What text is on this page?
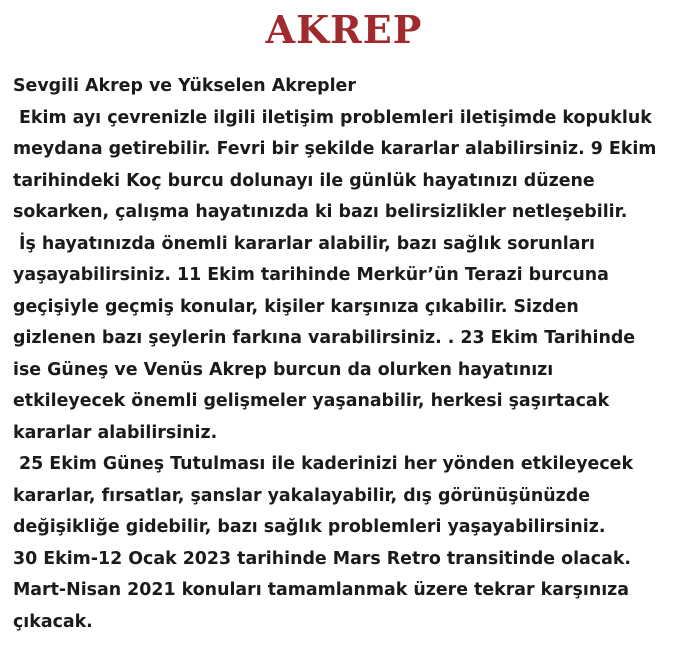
AKREP
Sevgili Akrep ve Yükselen Akrepler
Ekim ayı çevrenizle ilgili iletişim problemleri iletişimde kopukluk
meydana getirebilir. Fevri bir şekilde kararlar alabilirsiniz. 9 Ekim
tarihindeki Koç burcu dolunayı ile günlük hayatınızı düzene
sokarken, çalışma hayatınızda ki bazı belirsizlikler netleşebilir.
İş hayatınızda önemli kararlar alabilir, bazı sağlık sorunları
yaşayabilirsiniz. 11 Ekim tarihinde Merkür’ün Terazi burcuna
geçişiyle geçmiş konular, kişiler karşınıza çıkabilir. Sizden
gizlenen bazı şeylerin farkına varabilirsiniz. . 23 Ekim Tarihinde
ise Güneş ve Venüs Akrep burcun da olurken hayatınızı
etkileyecek önemli gelişmeler yaşanabilir, herkesi şaşırtacak
kararlar alabilirsiniz.
25 Ekim Güneş Tutulması ile kaderinizi her yönden etkileyecek
kararlar, fırsatlar, şanslar yakalayabilir, dış görünüşünüzde
değişikliğe gidebilir, bazı sağlık problemleri yaşayabilirsiniz.
30 Ekim-12 Ocak 2023 tarihinde Mars Retro transitinde olacak.
Mart-Nisan 2021 konuları tamamlanmak üzere tekrar karşınıza
çıkacak.
